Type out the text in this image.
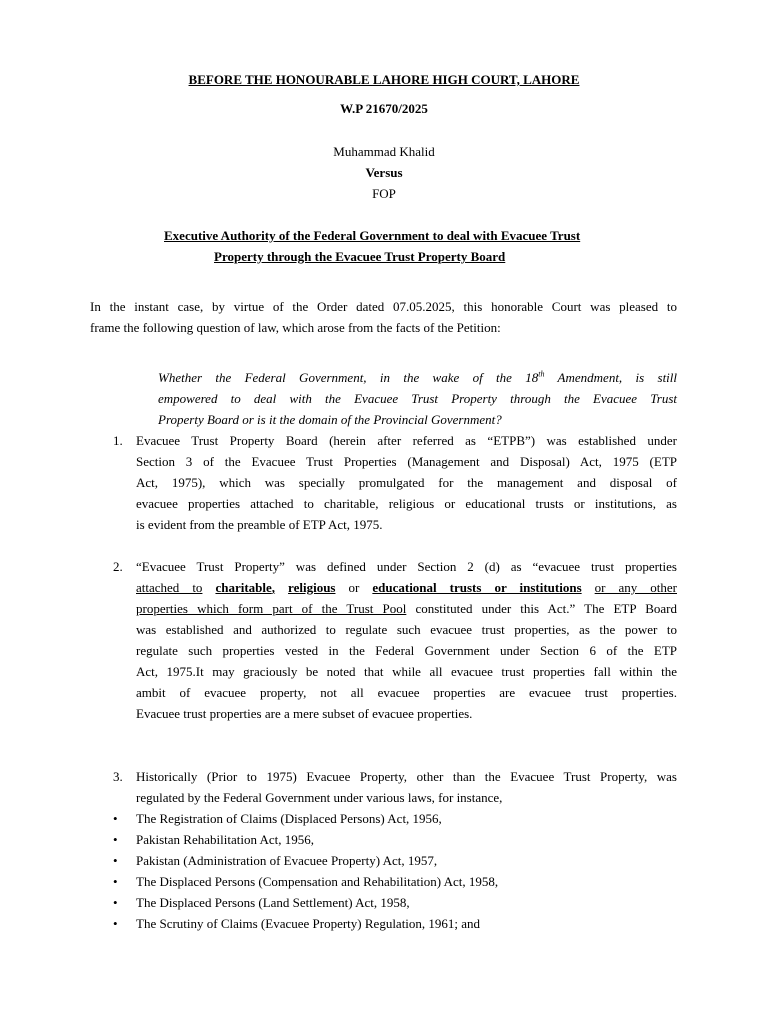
BEFORE THE HONOURABLE LAHORE HIGH COURT, LAHORE
W.P 21670/2025
Muhammad Khalid
Versus
FOP
Executive Authority of the Federal Government to deal with Evacuee Trust
Property through the Evacuee Trust Property Board
In the instant case, by virtue of the Order dated 07.05.2025, this honorable Court was pleased to
frame the following question of law, which arose from the facts of the Petition:
Whether the Federal Government, in the wake of the 18th Amendment, is still
empowered to deal with the Evacuee Trust Property through the Evacuee Trust
Property Board or is it the domain of the Provincial Government?
1. Evacuee Trust Property Board (herein after referred as “ETPB”) was established under
Section 3 of the Evacuee Trust Properties (Management and Disposal) Act, 1975 (ETP
Act, 1975), which was specially promulgated for the management and disposal of
evacuee properties attached to charitable, religious or educational trusts or institutions, as
is evident from the preamble of ETP Act, 1975.
2. “Evacuee Trust Property” was defined under Section 2 (d) as “evacuee trust properties
attached to charitable, religious or educational trusts or institutions or any other
properties which form part of the Trust Pool constituted under this Act.” The ETP Board
was established and authorized to regulate such evacuee trust properties, as the power to
regulate such properties vested in the Federal Government under Section 6 of the ETP
Act, 1975.It may graciously be noted that while all evacuee trust properties fall within the
ambit of evacuee property, not all evacuee properties are evacuee trust properties.
Evacuee trust properties are a mere subset of evacuee properties.
3. Historically (Prior to 1975) Evacuee Property, other than the Evacuee Trust Property, was
regulated by the Federal Government under various laws, for instance,
• The Registration of Claims (Displaced Persons) Act, 1956,
• Pakistan Rehabilitation Act, 1956,
• Pakistan (Administration of Evacuee Property) Act, 1957,
• The Displaced Persons (Compensation and Rehabilitation) Act, 1958,
• The Displaced Persons (Land Settlement) Act, 1958,
• The Scrutiny of Claims (Evacuee Property) Regulation, 1961; and
